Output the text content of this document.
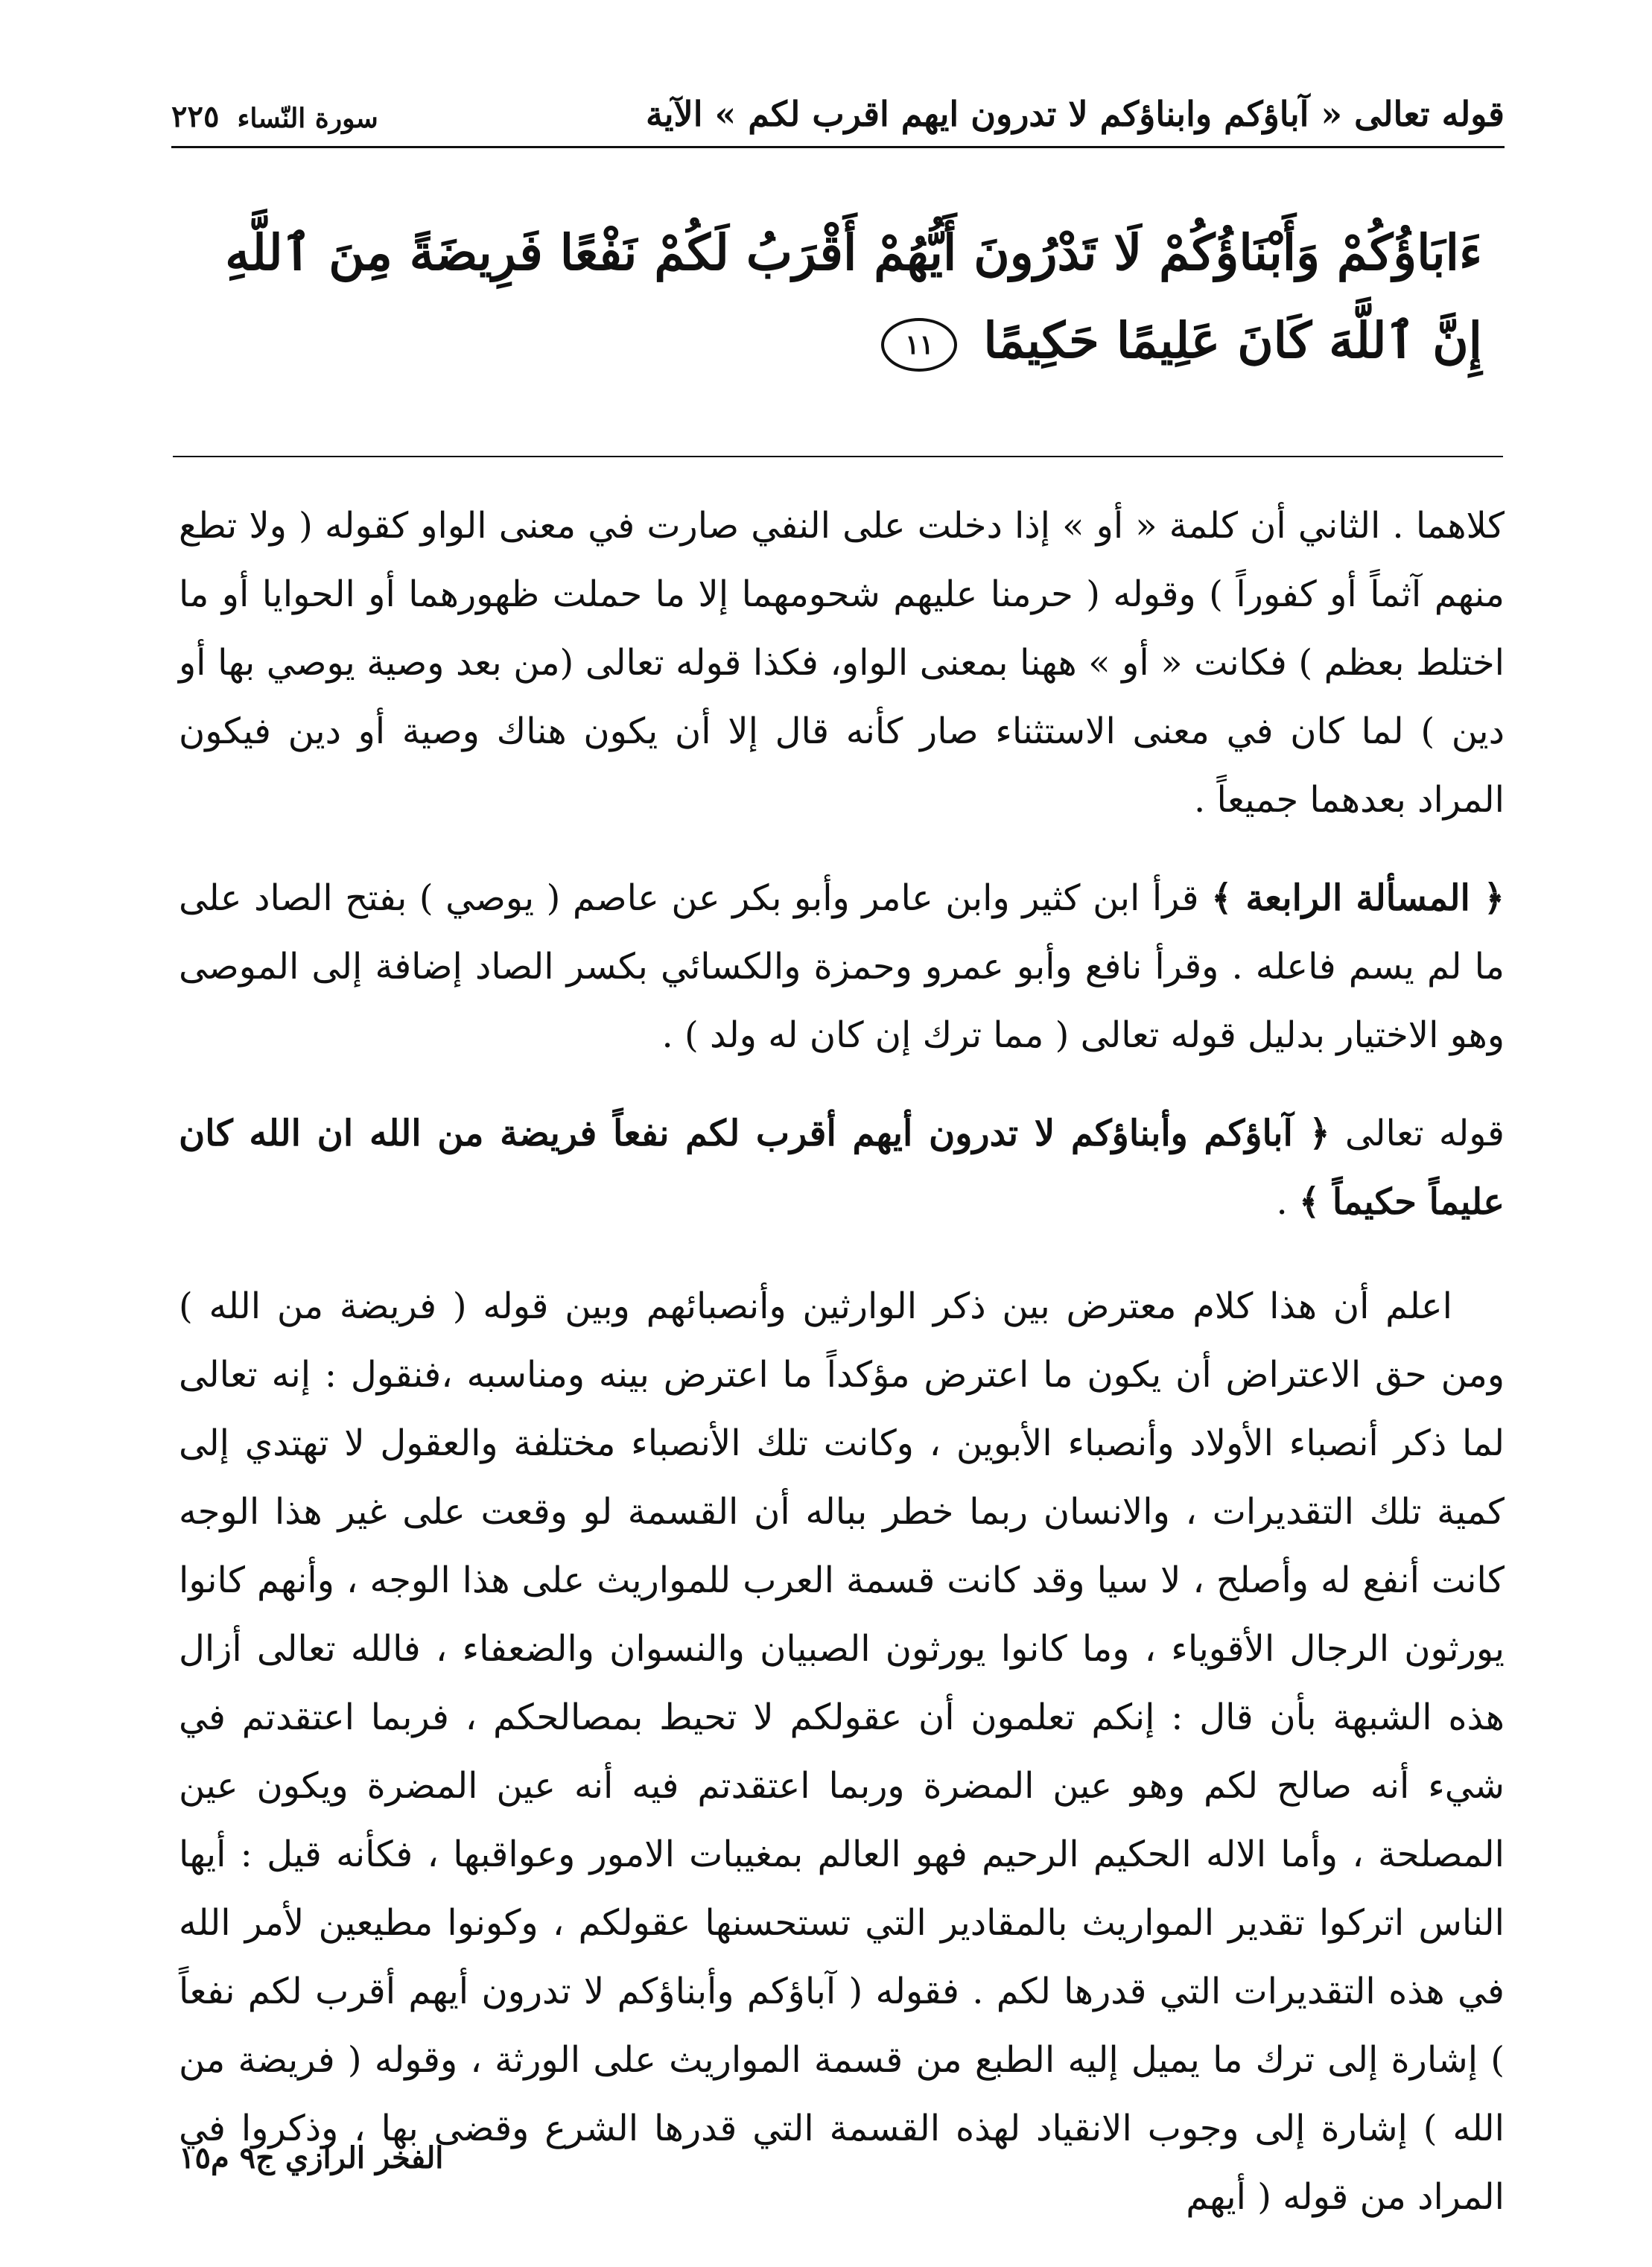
قوله تعالى « آباؤكم وابناؤكم لا تدرون ايهم اقرب لكم » الآية
سورة النّساء
٢٢٥
ءَابَاؤُكُمْ وَأَبْنَاؤُكُمْ لَا تَدْرُونَ أَيُّهُمْ أَقْرَبُ لَكُمْ نَفْعًا فَرِيضَةً مِنَ ٱللَّهِ إِنَّ ٱللَّهَ كَانَ عَلِيمًا حَكِيمًا ١١

كلاهما . الثاني أن كلمة « أو » إذا دخلت على النفي صارت في معنى الواو كقوله ( ولا تطع منهم آثماً أو كفوراً ) وقوله ( حرمنا عليهم شحومهما إلا ما حملت ظهورهما أو الحوايا أو ما اختلط بعظم ) فكانت « أو » ههنا بمعنى الواو، فكذا قوله تعالى (من بعد وصية يوصي بها أو دين ) لما كان في معنى الاستثناء صار كأنه قال إلا أن يكون هناك وصية أو دين فيكون المراد بعدهما جميعاً .

﴿ المسألة الرابعة ﴾ قرأ ابن كثير وابن عامر وأبو بكر عن عاصم ( يوصي ) بفتح الصاد على ما لم يسم فاعله . وقرأ نافع وأبو عمرو وحمزة والكسائي بكسر الصاد إضافة إلى الموصى وهو الاختيار بدليل قوله تعالى ( مما ترك إن كان له ولد ) .

قوله تعالى ﴿ آباؤكم وأبناؤكم لا تدرون أيهم أقرب لكم نفعاً فريضة من الله ان الله كان عليماً حكيماً ﴾ .

اعلم أن هذا كلام معترض بين ذكر الوارثين وأنصبائهم وبين قوله ( فريضة من الله ) ومن حق الاعتراض أن يكون ما اعترض مؤكداً ما اعترض بينه ومناسبه ،فنقول : إنه تعالى لما ذكر أنصباء الأولاد وأنصباء الأبوين ، وكانت تلك الأنصباء مختلفة والعقول لا تهتدي إلى كمية تلك التقديرات ، والانسان ربما خطر بباله أن القسمة لو وقعت على غير هذا الوجه كانت أنفع له وأصلح ، لا سيا وقد كانت قسمة العرب للمواريث على هذا الوجه ، وأنهم كانوا يورثون الرجال الأقوياء ، وما كانوا يورثون الصبيان والنسوان والضعفاء ، فالله تعالى أزال هذه الشبهة بأن قال : إنكم تعلمون أن عقولكم لا تحيط بمصالحكم ، فربما اعتقدتم في شيء أنه صالح لكم وهو عين المضرة وربما اعتقدتم فيه أنه عين المضرة ويكون عين المصلحة ، وأما الاله الحكيم الرحيم فهو العالم بمغيبات الامور وعواقبها ، فكأنه قيل : أيها الناس اتركوا تقدير المواريث بالمقادير التي تستحسنها عقولكم ، وكونوا مطيعين لأمر الله في هذه التقديرات التي قدرها لكم . فقوله ( آباؤكم وأبناؤكم لا تدرون أيهم أقرب لكم نفعاً ) إشارة إلى ترك ما يميل إليه الطبع من قسمة المواريث على الورثة ، وقوله ( فريضة من الله ) إشارة إلى وجوب الانقياد لهذه القسمة التي قدرها الشرع وقضى بها ، وذكروا في المراد من قوله ( أيهم

الفخر الرازي ج٩ م١٥
